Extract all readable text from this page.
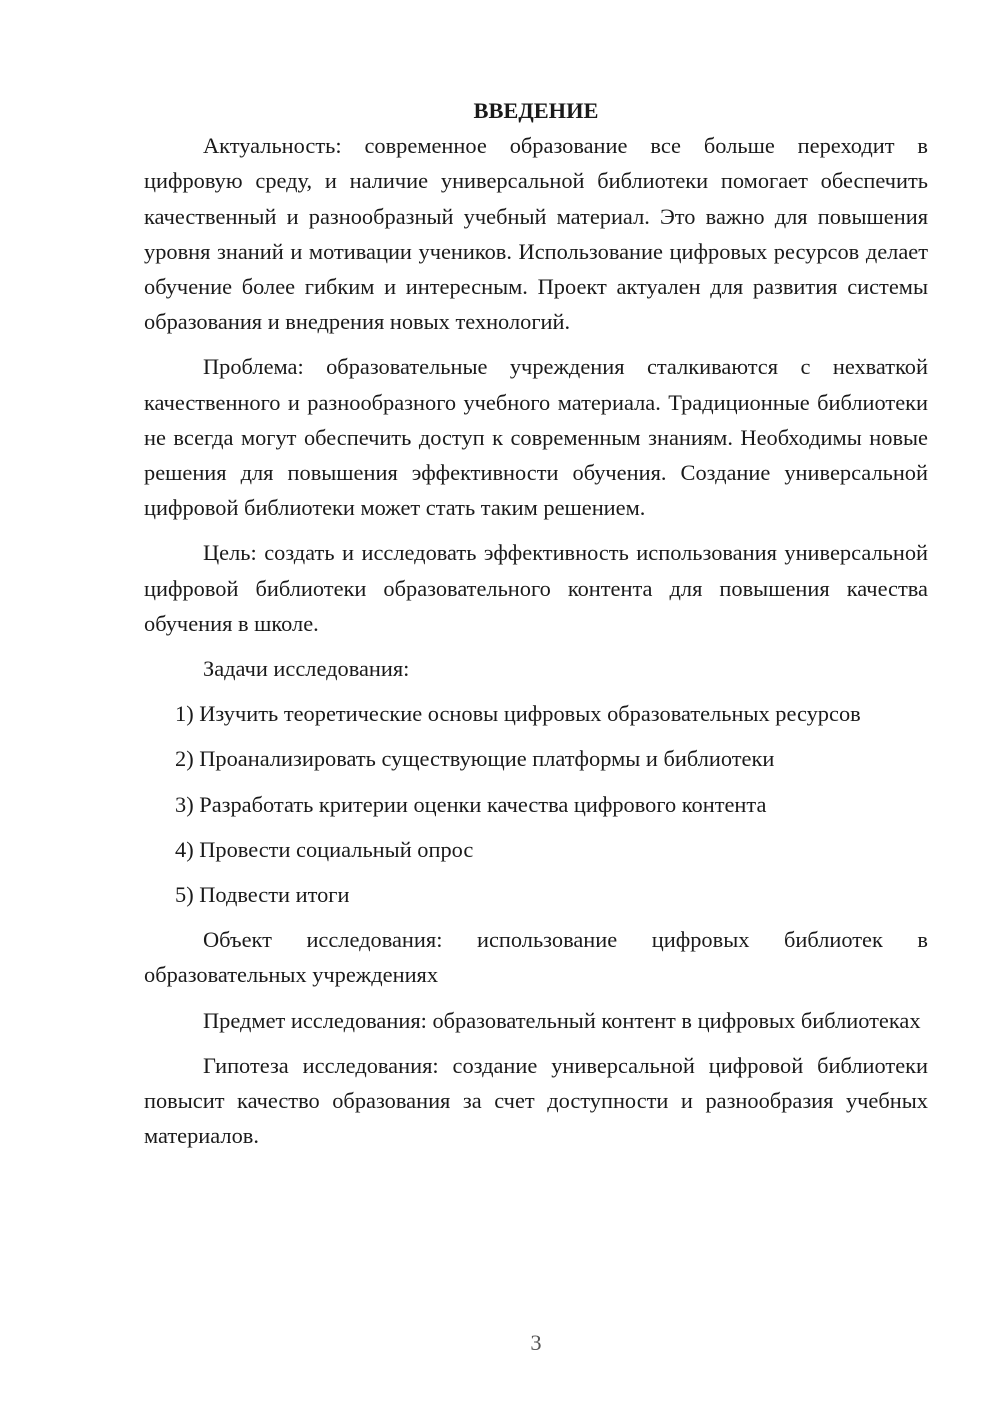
ВВЕДЕНИЕ

Актуальность: современное образование все больше переходит в цифровую среду, и наличие универсальной библиотеки помогает обеспечить качественный и разнообразный учебный материал. Это важно для повышения уровня знаний и мотивации учеников. Использование цифровых ресурсов делает обучение более гибким и интересным. Проект актуален для развития системы образования и внедрения новых технологий.

Проблема: образовательные учреждения сталкиваются с нехваткой качественного и разнообразного учебного материала. Традиционные библиотеки не всегда могут обеспечить доступ к современным знаниям. Необходимы новые решения для повышения эффективности обучения. Создание универсальной цифровой библиотеки может стать таким решением.

Цель: создать и исследовать эффективность использования универсальной цифровой библиотеки образовательного контента для повышения качества обучения в школе.

Задачи исследования:

1) Изучить теоретические основы цифровых образовательных ресурсов

2) Проанализировать существующие платформы и библиотеки

3) Разработать критерии оценки качества цифрового контента

4) Провести социальный опрос

5) Подвести итоги

Объект исследования: использование цифровых библиотек в образовательных учреждениях

Предмет исследования: образовательный контент в цифровых библиотеках

Гипотеза исследования: создание универсальной цифровой библиотеки повысит качество образования за счет доступности и разнообразия учебных материалов.

3
